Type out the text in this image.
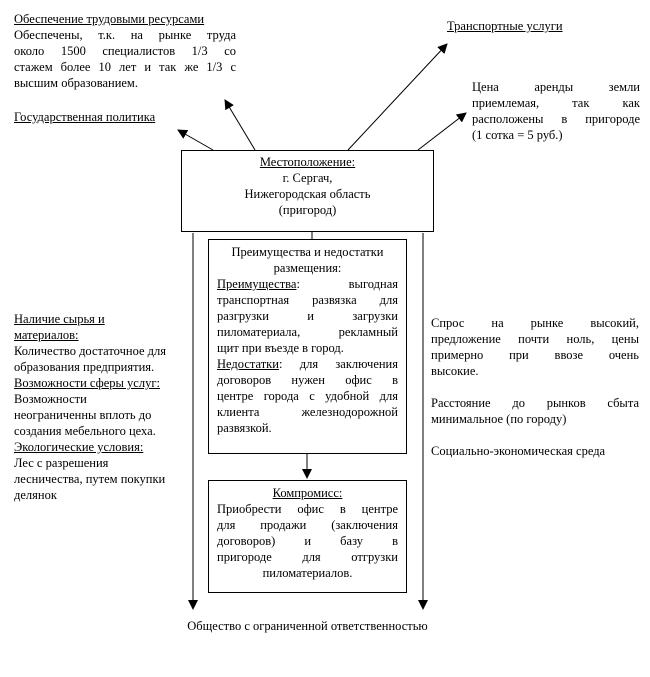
Обеспечение трудовыми ресурсами
Обеспечены, т.к. на рынке труда
около 1500 специалистов 1/3 со
стажем более 10 лет и так же 1/3 с
высшим образованием.
Транспортные услуги
Цена аренды земли
приемлемая, так как
расположены в пригороде
(1 сотка = 5 руб.)
Государственная политика
Местоположение:
г. Сергач,
Нижегородская область
(пригород)
Преимущества и недостатки
размещения:
Преимущества: выгодная
транспортная развязка для
разгрузки и загрузки
пиломатериала, рекламный
щит при въезде в город.
Недостатки: для заключения
договоров нужен офис в
центре города с удобной для
клиента железнодорожной
развязкой.
Компромисс:
Приобрести офис в центре
для продажи (заключения
договоров) и базу в
пригороде для отгрузки
пиломатериалов.
Наличие сырья и
материалов:
Количество достаточное для
образования предприятия.
Возможности сферы услуг:
Возможности
неограниченны вплоть до
создания мебельного цеха.
Экологические условия:
Лес с разрешения
лесничества, путем покупки
делянок
Спрос на рынке высокий,
предложение почти ноль, цены
примерно при ввозе очень
высокие.
Расстояние до рынков сбыта
минимальное (по городу)
Социально-экономическая среда
Общество с ограниченной ответственностью
